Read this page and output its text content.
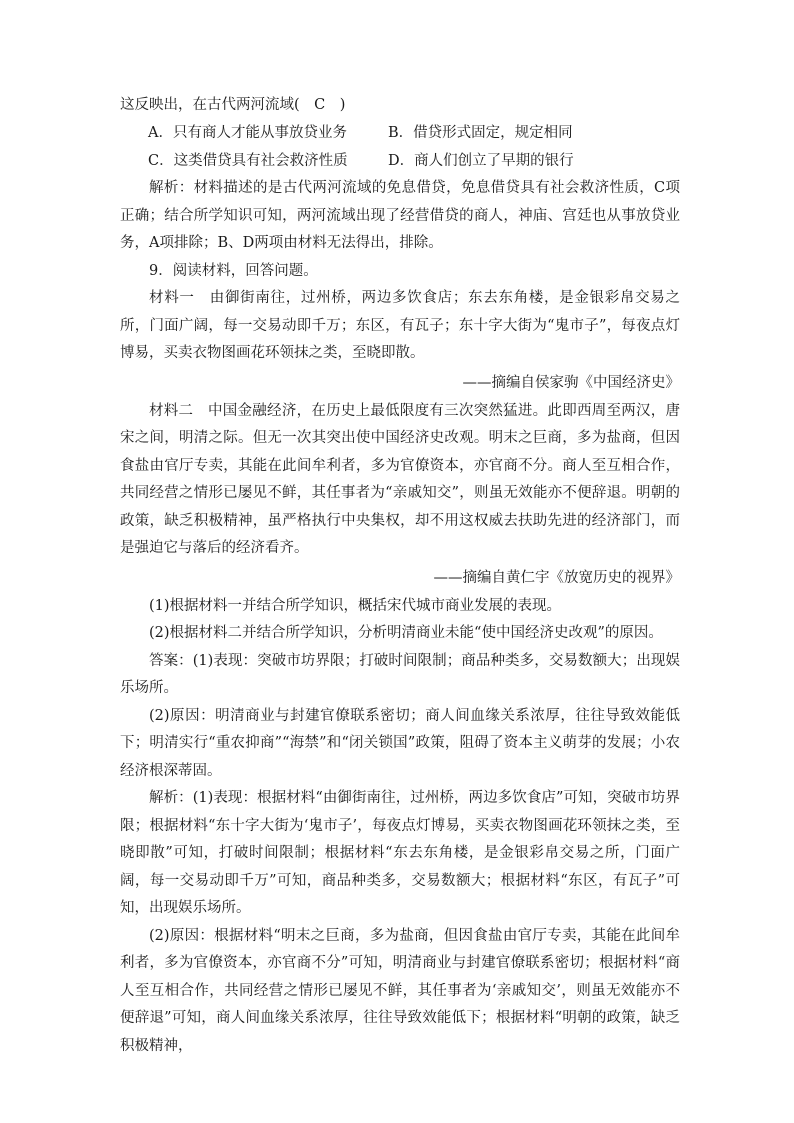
这反映出，在古代两河流域(　C　)

A．只有商人才能从事放贷业务	B．借贷形式固定，规定相同
C．这类借贷具有社会救济性质	D．商人们创立了早期的银行

解析：材料描述的是古代两河流域的免息借贷，免息借贷具有社会救济性质，C项正确；结合所学知识可知，两河流域出现了经营借贷的商人，神庙、宫廷也从事放贷业务，A项排除；B、D两项由材料无法得出，排除。

9．阅读材料，回答问题。

材料一　由御街南往，过州桥，两边多饮食店；东去东角楼，是金银彩帛交易之所，门面广阔，每一交易动即千万；东区，有瓦子；东十字大街为“鬼市子”，每夜点灯博易，买卖衣物图画花环领抹之类，至晓即散。

——摘编自侯家驹《中国经济史》

材料二　中国金融经济，在历史上最低限度有三次突然猛进。此即西周至两汉，唐宋之间，明清之际。但无一次其突出使中国经济史改观。明末之巨商，多为盐商，但因食盐由官厅专卖，其能在此间牟利者，多为官僚资本，亦官商不分。商人至互相合作，共同经营之情形已屡见不鲜，其任事者为“亲戚知交”，则虽无效能亦不便辞退。明朝的政策，缺乏积极精神，虽严格执行中央集权，却不用这权威去扶助先进的经济部门，而是强迫它与落后的经济看齐。

——摘编自黄仁宇《放宽历史的视界》

(1)根据材料一并结合所学知识，概括宋代城市商业发展的表现。

(2)根据材料二并结合所学知识，分析明清商业未能“使中国经济史改观”的原因。

答案：(1)表现：突破市坊界限；打破时间限制；商品种类多，交易数额大；出现娱乐场所。

(2)原因：明清商业与封建官僚联系密切；商人间血缘关系浓厚，往往导致效能低下；明清实行“重农抑商”“海禁”和“闭关锁国”政策，阻碍了资本主义萌芽的发展；小农经济根深蒂固。

解析：(1)表现：根据材料“由御街南往，过州桥，两边多饮食店”可知，突破市坊界限；根据材料“东十字大街为‘鬼市子’，每夜点灯博易，买卖衣物图画花环领抹之类，至晓即散”可知，打破时间限制；根据材料“东去东角楼，是金银彩帛交易之所，门面广阔，每一交易动即千万”可知，商品种类多，交易数额大；根据材料“东区，有瓦子”可知，出现娱乐场所。

(2)原因：根据材料“明末之巨商，多为盐商，但因食盐由官厅专卖，其能在此间牟利者，多为官僚资本，亦官商不分”可知，明清商业与封建官僚联系密切；根据材料“商人至互相合作，共同经营之情形已屡见不鲜，其任事者为‘亲戚知交’，则虽无效能亦不便辞退”可知，商人间血缘关系浓厚，往往导致效能低下；根据材料“明朝的政策，缺乏积极精神，
